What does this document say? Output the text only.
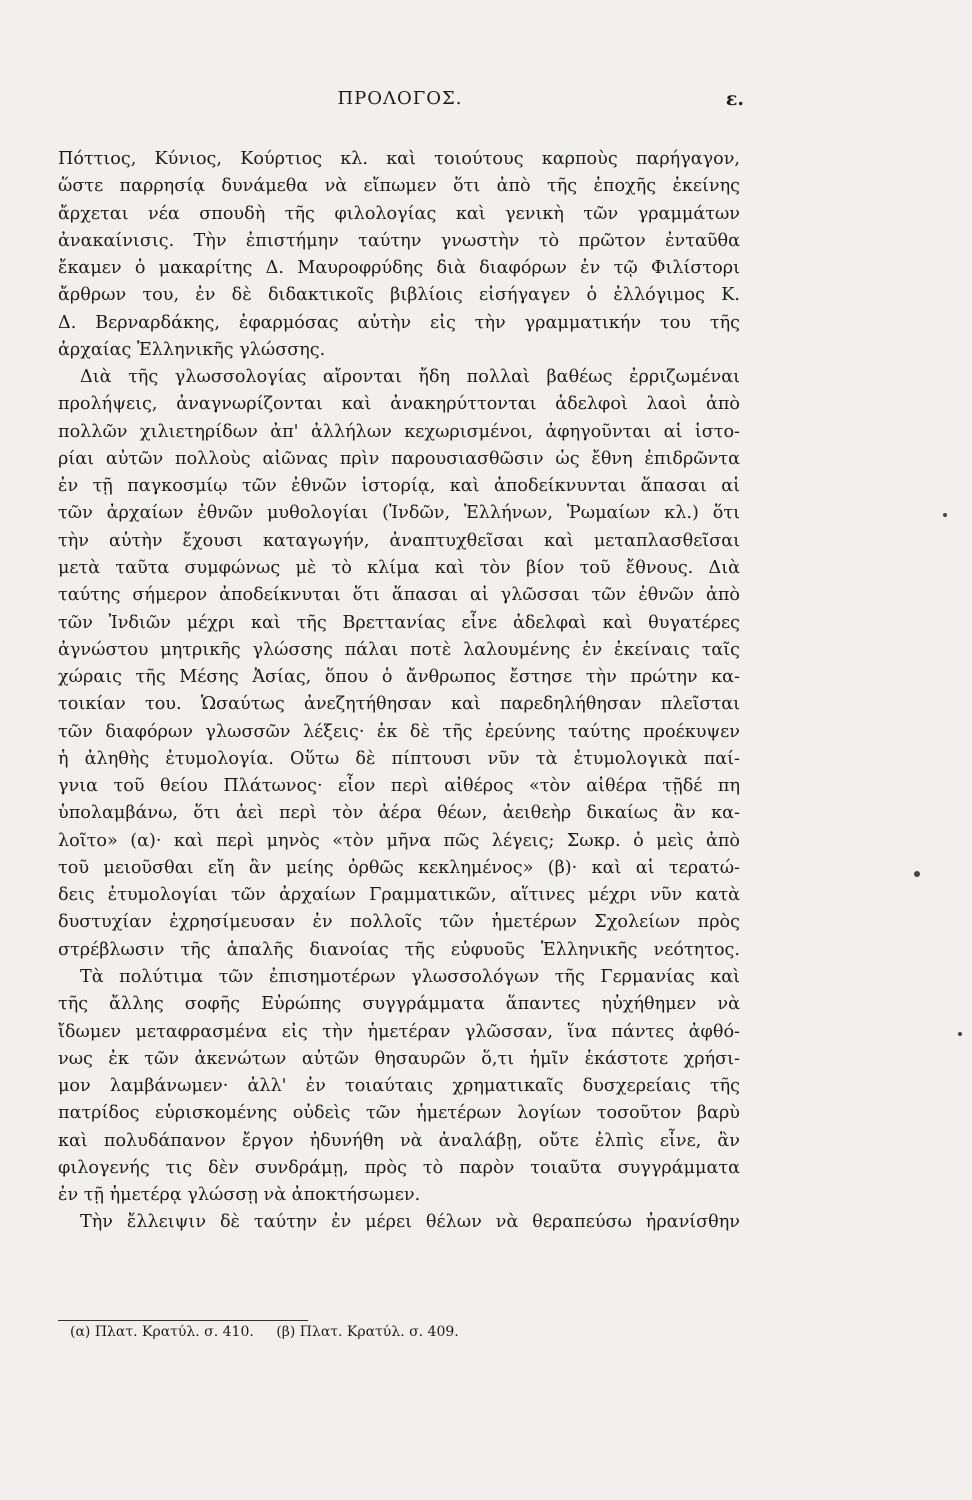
ΠΡΟΛΟΓΟΣ.	ε.
Πόττιος, Κύνιος, Κούρτιος κλ. καὶ τοιούτους καρποὺς παρήγαγον,
ὥστε παρρησίᾳ δυνάμεθα νὰ εἴπωμεν ὅτι ἀπὸ τῆς ἐποχῆς ἐκείνης
ἄρχεται νέα σπουδὴ τῆς φιλολογίας καὶ γενικὴ τῶν γραμμάτων
ἀνακαίνισις. Τὴν ἐπιστήμην ταύτην γνωστὴν τὸ πρῶτον ἐνταῦθα
ἔκαμεν ὁ μακαρίτης Δ. Μαυροφρύδης διὰ διαφόρων ἐν τῷ Φιλίστορι
ἄρθρων του, ἐν δὲ διδακτικοῖς βιβλίοις εἰσήγαγεν ὁ ἐλλόγιμος Κ.
Δ. Βερναρδάκης, ἐφαρμόσας αὐτὴν εἰς τὴν γραμματικήν του τῆς
ἀρχαίας Ἑλληνικῆς γλώσσης.
Διὰ τῆς γλωσσολογίας αἴρονται ἤδη πολλαὶ βαθέως ἐρριζωμέναι
προλήψεις, ἀναγνωρίζονται καὶ ἀνακηρύττονται ἀδελφοὶ λαοὶ ἀπὸ
πολλῶν χιλιετηρίδων ἀπ' ἀλλήλων κεχωρισμένοι, ἀφηγοῦνται αἱ ἱστο-
ρίαι αὐτῶν πολλοὺς αἰῶνας πρὶν παρουσιασθῶσιν ὡς ἔθνη ἐπιδρῶντα
ἐν τῇ παγκοσμίῳ τῶν ἐθνῶν ἱστορίᾳ, καὶ ἀποδείκνυνται ἅπασαι αἱ
τῶν ἀρχαίων ἐθνῶν μυθολογίαι (Ἰνδῶν, Ἑλλήνων, Ῥωμαίων κλ.) ὅτι
τὴν αὐτὴν ἔχουσι καταγωγήν, ἀναπτυχθεῖσαι καὶ μεταπλασθεῖσαι
μετὰ ταῦτα συμφώνως μὲ τὸ κλίμα καὶ τὸν βίον τοῦ ἔθνους. Διὰ
ταύτης σήμερον ἀποδείκνυται ὅτι ἅπασαι αἱ γλῶσσαι τῶν ἐθνῶν ἀπὸ
τῶν Ἰνδιῶν μέχρι καὶ τῆς Βρεττανίας εἶνε ἀδελφαὶ καὶ θυγατέρες
ἀγνώστου μητρικῆς γλώσσης πάλαι ποτὲ λαλουμένης ἐν ἐκείναις ταῖς
χώραις τῆς Μέσης Ἀσίας, ὅπου ὁ ἄνθρωπος ἔστησε τὴν πρώτην κα-
τοικίαν του. Ὡσαύτως ἀνεζητήθησαν καὶ παρεδηλήθησαν πλεῖσται
τῶν διαφόρων γλωσσῶν λέξεις· ἐκ δὲ τῆς ἐρεύνης ταύτης προέκυψεν
ἡ ἀληθὴς ἐτυμολογία. Οὕτω δὲ πίπτουσι νῦν τὰ ἐτυμολογικὰ παί-
γνια τοῦ θείου Πλάτωνος· εἶον περὶ αἰθέρος «τὸν αἰθέρα τῇδέ πη
ὑπολαμβάνω, ὅτι ἀεὶ περὶ τὸν ἀέρα θέων, ἀειθεὴρ δικαίως ἂν κα-
λοῖτο» (α)· καὶ περὶ μηνὸς «τὸν μῆνα πῶς λέγεις; Σωκρ. ὁ μεὶς ἀπὸ
τοῦ μειοῦσθαι εἴη ἂν μείης ὀρθῶς κεκλημένος» (β)· καὶ αἱ τερατώ-
δεις ἐτυμολογίαι τῶν ἀρχαίων Γραμματικῶν, αἵτινες μέχρι νῦν κατὰ
δυστυχίαν ἐχρησίμευσαν ἐν πολλοῖς τῶν ἡμετέρων Σχολείων πρὸς
στρέβλωσιν τῆς ἁπαλῆς διανοίας τῆς εὐφυοῦς Ἑλληνικῆς νεότητος.
Τὰ πολύτιμα τῶν ἐπισημοτέρων γλωσσολόγων τῆς Γερμανίας καὶ
τῆς ἄλλης σοφῆς Εὐρώπης συγγράμματα ἅπαντες ηὐχήθημεν νὰ
ἴδωμεν μεταφρασμένα εἰς τὴν ἡμετέραν γλῶσσαν, ἵνα πάντες ἀφθό-
νως ἐκ τῶν ἀκενώτων αὐτῶν θησαυρῶν ὅ,τι ἡμῖν ἑκάστοτε χρήσι-
μον λαμβάνωμεν· ἀλλ' ἐν τοιαύταις χρηματικαῖς δυσχερείαις τῆς
πατρίδος εὑρισκομένης οὐδεὶς τῶν ἡμετέρων λογίων τοσοῦτον βαρὺ
καὶ πολυδάπανον ἔργον ἠδυνήθη νὰ ἀναλάβῃ, οὔτε ἐλπὶς εἶνε, ἂν
φιλογενής τις δὲν συνδράμῃ, πρὸς τὸ παρὸν τοιαῦτα συγγράμματα
ἐν τῇ ἡμετέρᾳ γλώσσῃ νὰ ἀποκτήσωμεν.
Τὴν ἔλλειψιν δὲ ταύτην ἐν μέρει θέλων νὰ θεραπεύσω ἠρανίσθην
(α) Πλατ. Κρατύλ. σ. 410. (β) Πλατ. Κρατύλ. σ. 409.
